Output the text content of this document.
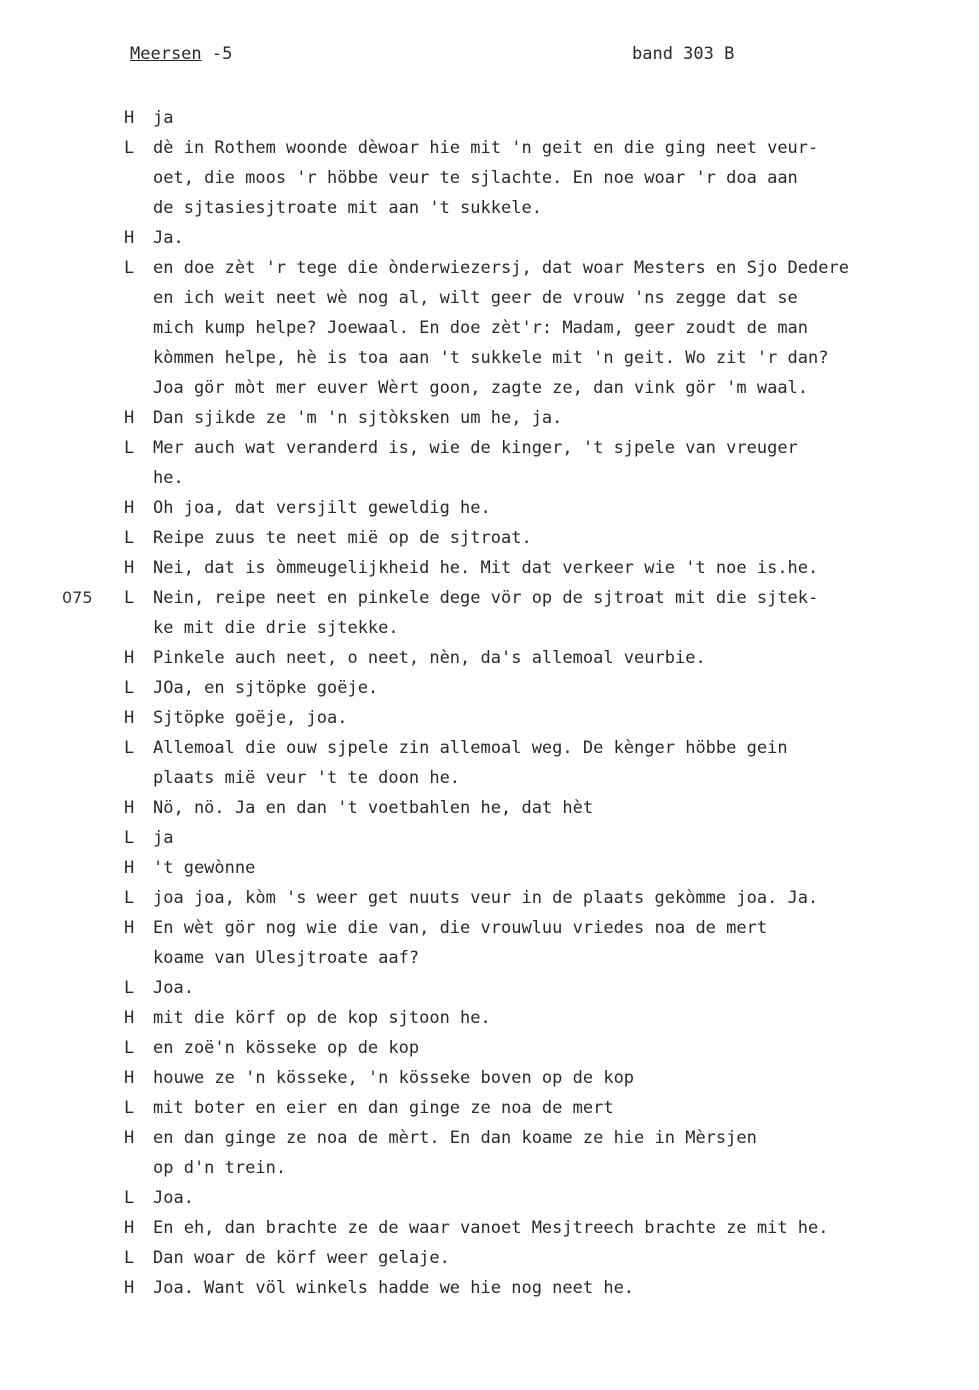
Meersen -5	band 303 B
H	ja
L	dè in Rothem woonde dèwoar hie mit 'n geit en die ging neet veur-
oet, die moos 'r höbbe veur te sjlachte. En noe woar 'r doa aan
de sjtasiesjtroate mit aan 't sukkele.
H	Ja.
L	en doe zèt 'r tege die ònderwiezersj, dat woar Mesters en Sjo Dedere
en ich weit neet wè nog al, wilt geer de vrouw 'ns zegge dat se
mich kump helpe? Joewaal. En doe zèt'r: Madam, geer zoudt de man
kòmmen helpe, hè is toa aan 't sukkele mit 'n geit. Wo zit 'r dan?
Joa gör mòt mer euver Wèrt goon, zagte ze, dan vink gör 'm waal.
H	Dan sjikde ze 'm 'n sjtòksken um he, ja.
L	Mer auch wat veranderd is, wie de kinger, 't sjpele van vreuger
he.
H	Oh joa, dat versjilt geweldig he.
L	Reipe zuus te neet mië op de sjtroat.
H	Nei, dat is òmmeugelijkheid he. Mit dat verkeer wie 't noe is.he.
075 L	Nein, reipe neet en pinkele dege vör op de sjtroat mit die sjtek-
ke mit die drie sjtekke.
H	Pinkele auch neet, o neet, nèn, da's allemoal veurbie.
L	JOa, en sjtöpke goëje.
H	Sjtöpke goëje, joa.
L	Allemoal die ouw sjpele zin allemoal weg. De kènger höbbe gein
plaats mië veur 't te doon he.
H	Nö, nö. Ja en dan 't voetbahlen he, dat hèt
L	ja
H	't gewònne
L	joa joa, kòm 's weer get nuuts veur in de plaats gekòmme joa. Ja.
H	En wèt gör nog wie die van, die vrouwluu vriedes noa de mert
koame van Ulesjtroate aaf?
L	Joa.
H	mit die körf op de kop sjtoon he.
L	en zoë'n kösseke op de kop
H	houwe ze 'n kösseke, 'n kösseke boven op de kop
L	mit boter en eier en dan ginge ze noa de mert
H	en dan ginge ze noa de mèrt. En dan koame ze hie in Mèrsjen
op d'n trein.
L	Joa.
H	En eh, dan brachte ze de waar vanoet Mesjtreech brachte ze mit he.
L	Dan woar de körf weer gelaje.
H	Joa. Want völ winkels hadde we hie nog neet he.
